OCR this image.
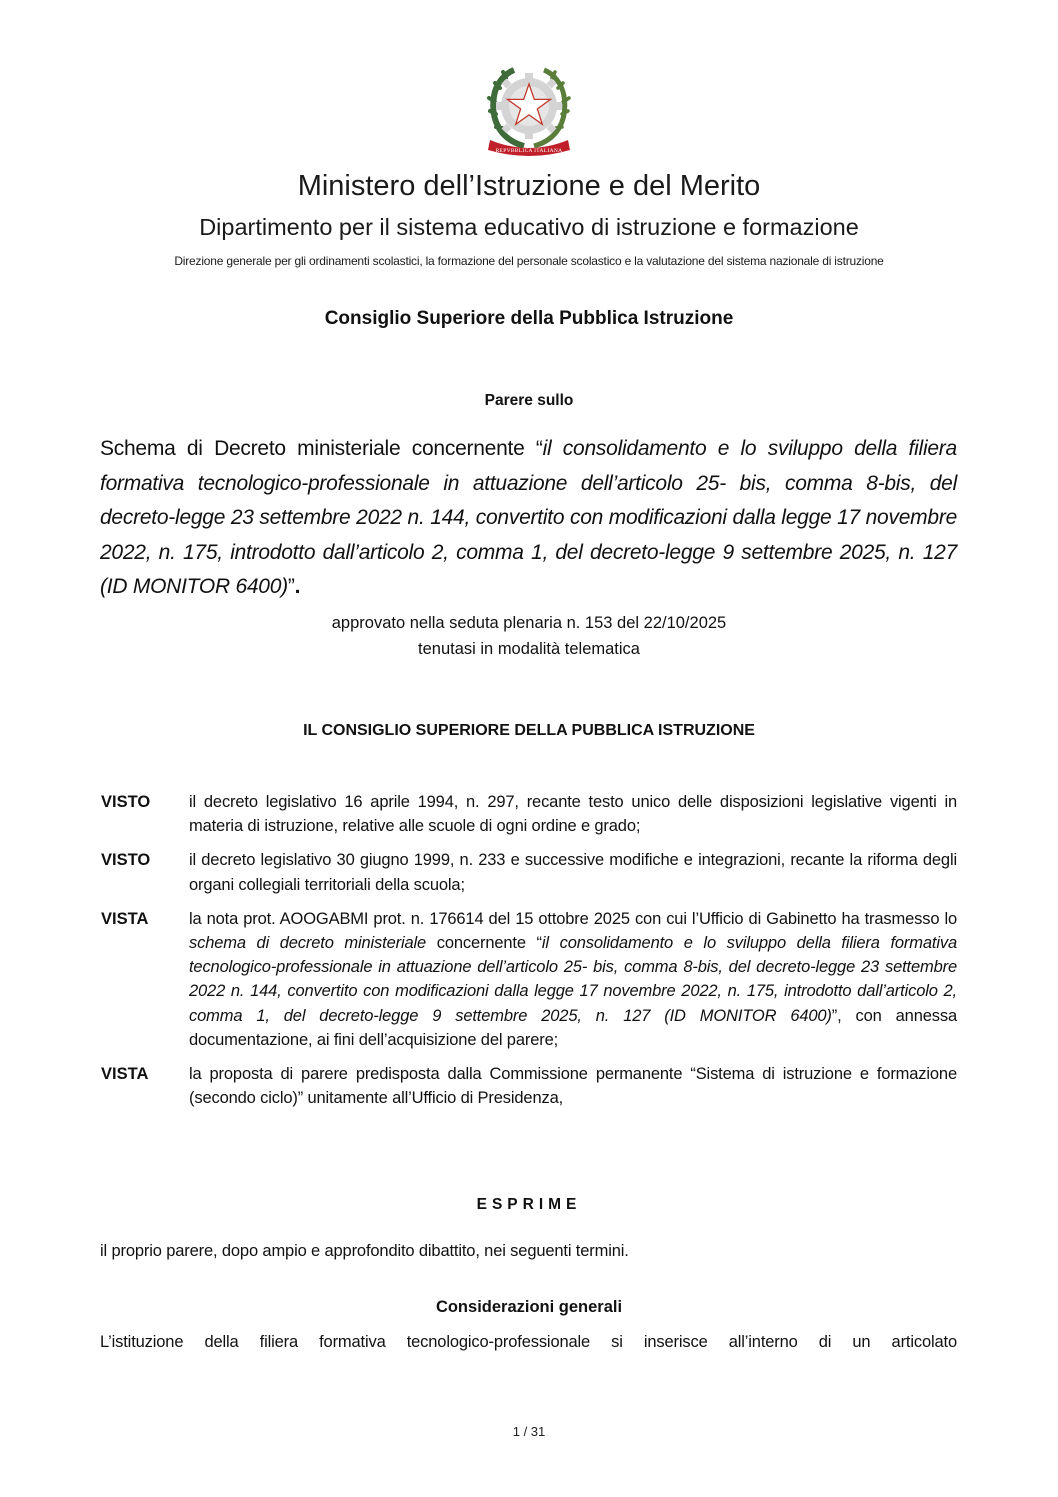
REPVBBLICA ITALIANA
Ministero dell’Istruzione e del Merito
Dipartimento per il sistema educativo di istruzione e formazione
Direzione generale per gli ordinamenti scolastici, la formazione del personale scolastico e la valutazione del sistema nazionale di istruzione
Consiglio Superiore della Pubblica Istruzione
Parere sullo
Schema di Decreto ministeriale concernente “il consolidamento e lo sviluppo della filiera formativa tecnologico-professionale in attuazione dell’articolo 25- bis, comma 8-bis, del decreto-legge 23 settembre 2022 n. 144, convertito con modificazioni dalla legge 17 novembre 2022, n. 175, introdotto dall’articolo 2, comma 1, del decreto-legge 9 settembre 2025, n. 127 (ID MONITOR 6400)”.
approvato nella seduta plenaria n. 153 del 22/10/2025
tenutasi in modalità telematica
IL CONSIGLIO SUPERIORE DELLA PUBBLICA ISTRUZIONE
VISTO	il decreto legislativo 16 aprile 1994, n. 297, recante testo unico delle disposizioni legislative vigenti in materia di istruzione, relative alle scuole di ogni ordine e grado;
VISTO	il decreto legislativo 30 giugno 1999, n. 233 e successive modifiche e integrazioni, recante la riforma degli organi collegiali territoriali della scuola;
VISTA	la nota prot. AOOGABMI prot. n. 176614 del 15 ottobre 2025 con cui l’Ufficio di Gabinetto ha trasmesso lo schema di decreto ministeriale concernente “il consolidamento e lo sviluppo della filiera formativa tecnologico-professionale in attuazione dell’articolo 25- bis, comma 8-bis, del decreto-legge 23 settembre 2022 n. 144, convertito con modificazioni dalla legge 17 novembre 2022, n. 175, introdotto dall’articolo 2, comma 1, del decreto-legge 9 settembre 2025, n. 127 (ID MONITOR 6400)”, con annessa documentazione, ai fini dell’acquisizione del parere;
VISTA	la proposta di parere predisposta dalla Commissione permanente “Sistema di istruzione e formazione (secondo ciclo)” unitamente all’Ufficio di Presidenza,
ESPRIME
il proprio parere, dopo ampio e approfondito dibattito, nei seguenti termini.
Considerazioni generali
L’istituzione della filiera formativa tecnologico-professionale si inserisce all’interno di un articolato
1 / 31
